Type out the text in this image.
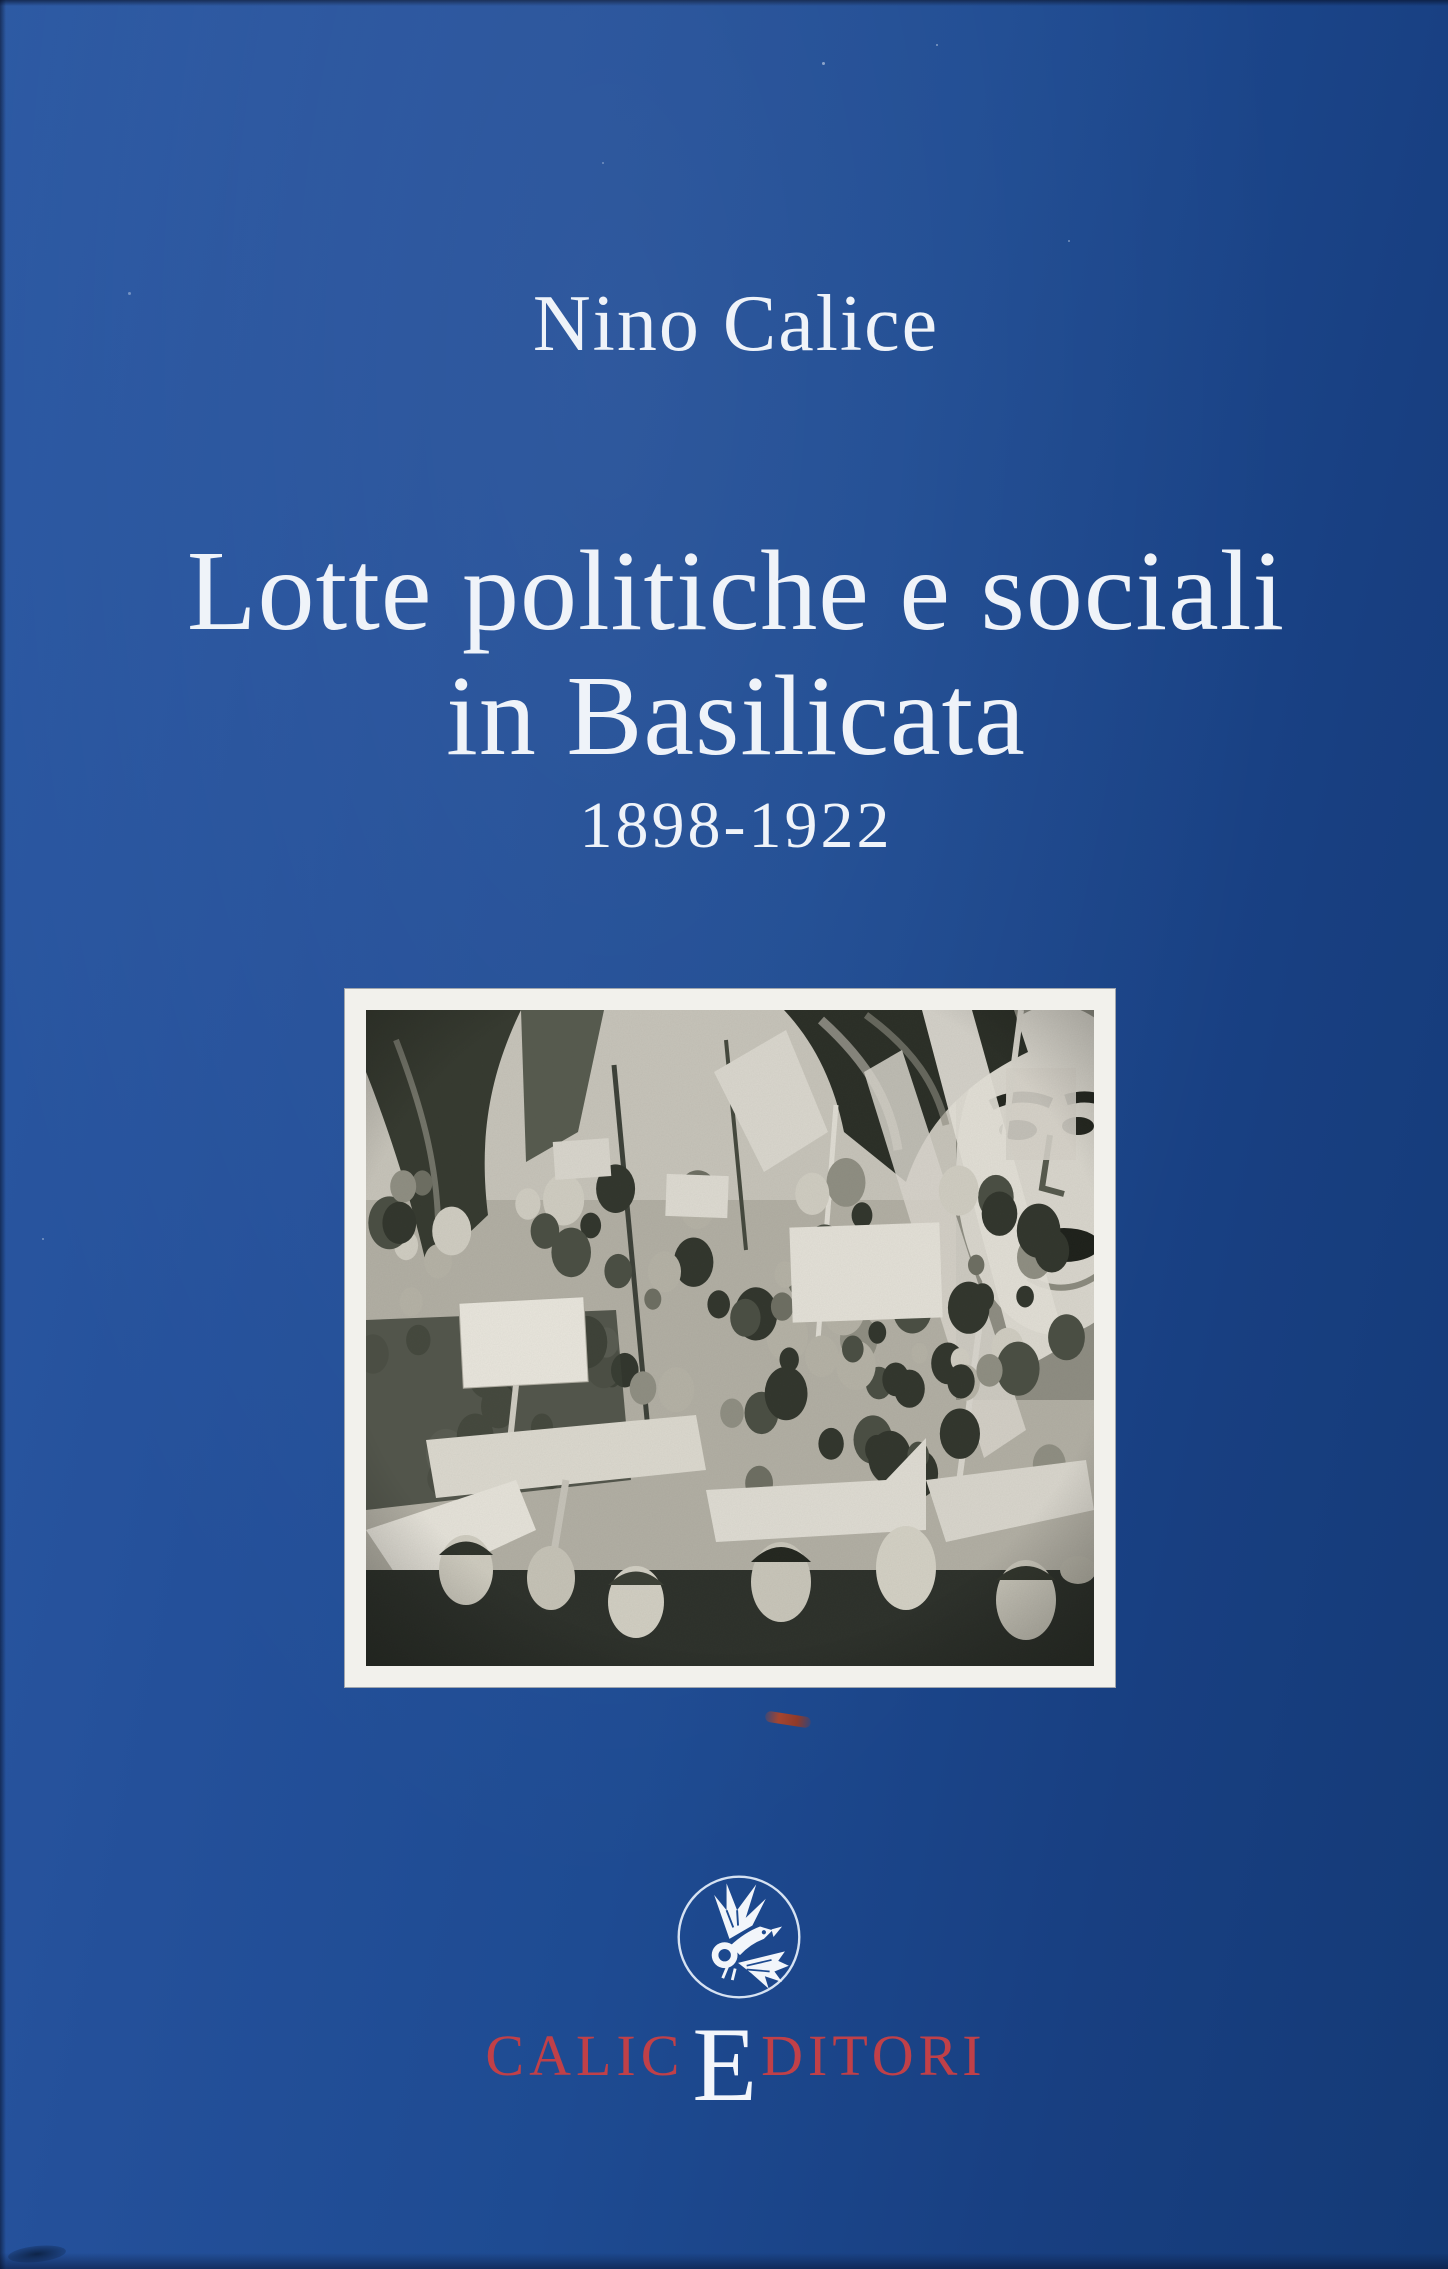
Nino Calice
Lotte politiche e sociali
in Basilicata
1898-1922
CALIC E DITORI
